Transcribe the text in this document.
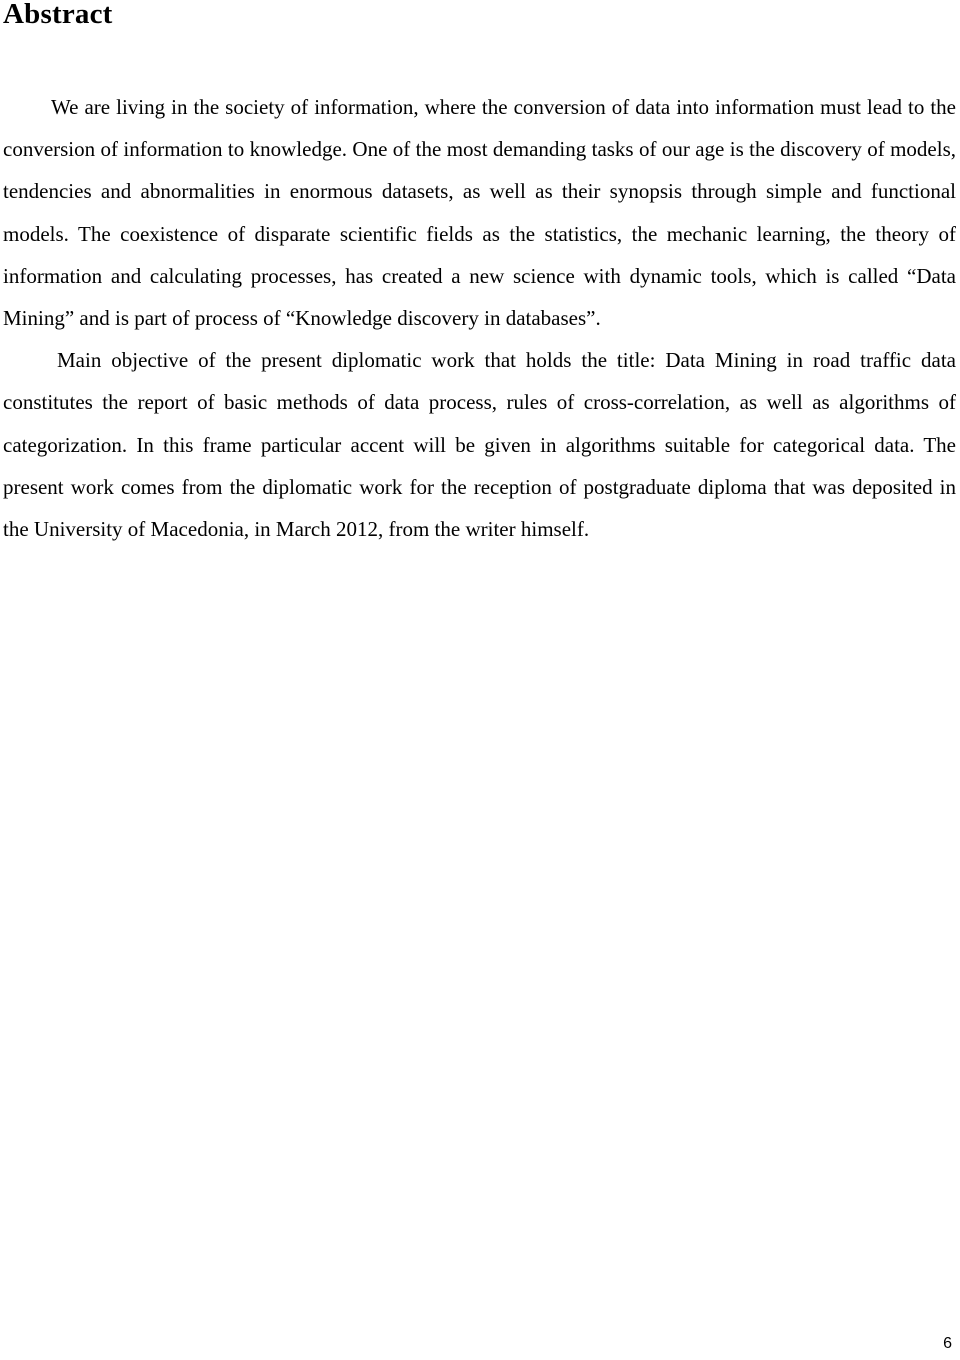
Abstract

We are living in the society of information, where the conversion of data into information must lead to the conversion of information to knowledge. One of the most demanding tasks of our age is the discovery of models, tendencies and abnormalities in enormous datasets, as well as their synopsis through simple and functional models. The coexistence of disparate scientific fields as the statistics, the mechanic learning, the theory of information and calculating processes, has created a new science with dynamic tools, which is called “Data Mining” and is part of process of “Knowledge discovery in databases”.

Main objective of the present diplomatic work that holds the title: Data Mining in road traffic data constitutes the report of basic methods of data process, rules of cross-correlation, as well as algorithms of categorization. In this frame particular accent will be given in algorithms suitable for categorical data. The present work comes from the diplomatic work for the reception of postgraduate diploma that was deposited in the University of Macedonia, in March 2012, from the writer himself.

6
